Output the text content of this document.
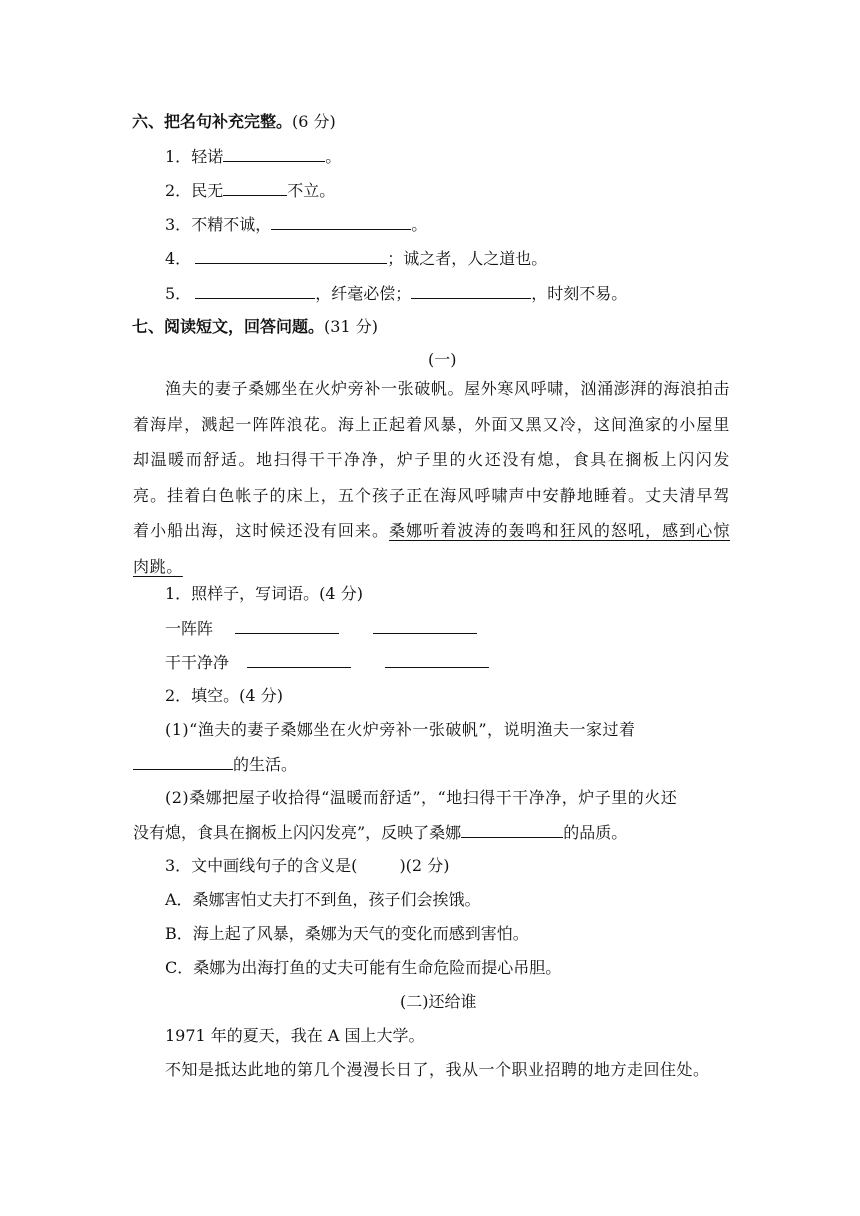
六、把名句补充完整。(6 分)
1．轻诺	。
2．民无	不立。
3．不精不诚，	。
4．	；诚之者，人之道也。
5．	，纤毫必偿；	，时刻不易。
七、阅读短文，回答问题。(31 分)
(一)
渔夫的妻子桑娜坐在火炉旁补一张破帆。屋外寒风呼啸，汹涌澎湃的海浪拍击着海岸，溅起一阵阵浪花。海上正起着风暴，外面又黑又冷，这间渔家的小屋里却温暖而舒适。地扫得干干净净，炉子里的火还没有熄，食具在搁板上闪闪发亮。挂着白色帐子的床上，五个孩子正在海风呼啸声中安静地睡着。丈夫清早驾着小船出海，这时候还没有回来。桑娜听着波涛的轰鸣和狂风的怒吼，感到心惊肉跳。
1．照样子，写词语。(4 分)
一阵阵
干干净净
2．填空。(4 分)
(1)“渔夫的妻子桑娜坐在火炉旁补一张破帆”，说明渔夫一家过着
的生活。
(2)桑娜把屋子收拾得“温暖而舒适”，“地扫得干干净净，炉子里的火还
没有熄，食具在搁板上闪闪发亮”，反映了桑娜	的品质。
3．文中画线句子的含义是(	)(2 分)
A．桑娜害怕丈夫打不到鱼，孩子们会挨饿。
B．海上起了风暴，桑娜为天气的变化而感到害怕。
C．桑娜为出海打鱼的丈夫可能有生命危险而提心吊胆。
(二)还给谁
1971 年的夏天，我在 A 国上大学。
不知是抵达此地的第几个漫漫长日了，我从一个职业招聘的地方走回住处。
